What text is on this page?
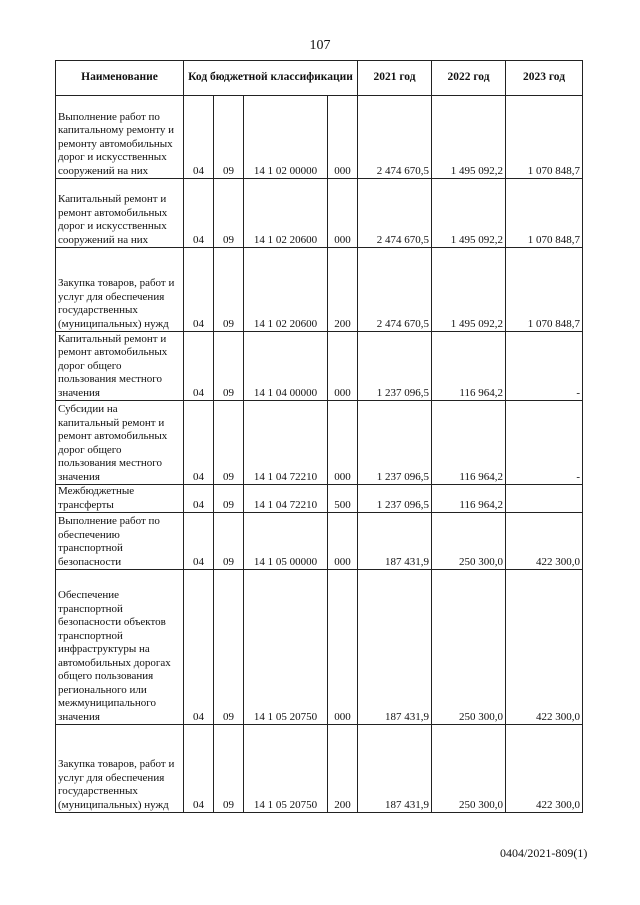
107
Наименование	Код бюджетной классификации				2021 год	2022 год	2023 год
Выполнение работ по капитальному ремонту и ремонту автомобильных дорог и искусственных сооружений на них	04	09	14 1 02 00000	000	2 474 670,5	1 495 092,2	1 070 848,7
Капитальный ремонт и ремонт автомобильных дорог и искусственных сооружений на них	04	09	14 1 02 20600	000	2 474 670,5	1 495 092,2	1 070 848,7
Закупка товаров, работ и услуг для обеспечения государственных (муниципальных) нужд	04	09	14 1 02 20600	200	2 474 670,5	1 495 092,2	1 070 848,7
Капитальный ремонт и ремонт автомобильных дорог общего пользования местного значения	04	09	14 1 04 00000	000	1 237 096,5	116 964,2	-
Субсидии на капитальный ремонт и ремонт автомобильных дорог общего пользования местного значения	04	09	14 1 04 72210	000	1 237 096,5	116 964,2	-
Межбюджетные трансферты	04	09	14 1 04 72210	500	1 237 096,5	116 964,2	
Выполнение работ по обеспечению транспортной безопасности	04	09	14 1 05 00000	000	187 431,9	250 300,0	422 300,0
Обеспечение транспортной безопасности объектов транспортной инфраструктуры на автомобильных дорогах общего пользования регионального или межмуниципального значения	04	09	14 1 05 20750	000	187 431,9	250 300,0	422 300,0
Закупка товаров, работ и услуг для обеспечения государственных (муниципальных) нужд	04	09	14 1 05 20750	200	187 431,9	250 300,0	422 300,0
0404/2021-809(1)
